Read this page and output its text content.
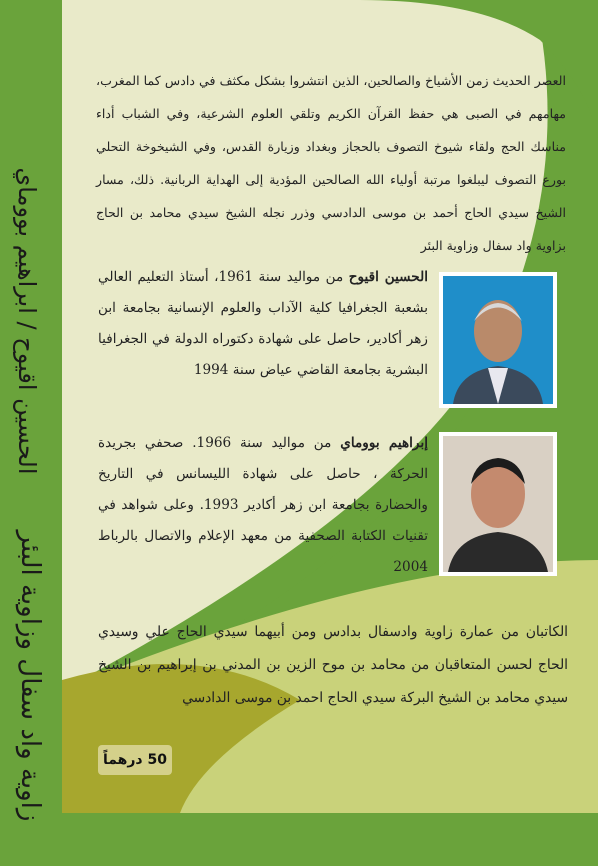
الحسين اقيوح / ابراهيم بووماي
زاوية واد سفال وزاوية البئر
العصر الحديث زمن الأشياخ والصالحين، الذين انتشروا بشكل مكثف في دادس كما المغرب، مهامهم في الصبى هي حفظ القرآن الكريم وتلقي العلوم الشرعية، وفي الشباب أداء مناسك الحج ولقاء شيوخ التصوف بالحجاز وبغداد وزيارة القدس، وفي الشيخوخة التحلي بورع التصوف ليبلغوا مرتبة أولياء الله الصالحين المؤدية إلى الهداية الربانية. ذلك، مسار الشيخ سيدي الحاج أحمد بن موسى الدادسي وذرر نجله الشيخ سيدي محامد بن الحاج بزاوية واد سفال وزاوية البئر
الحسين اقيوح من مواليد سنة 1961، أستاذ التعليم العالي بشعبة الجغرافيا كلية الآداب والعلوم الإنسانية بجامعة ابن زهر أكادير، حاصل على شهادة دكتوراه الدولة في الجغرافيا البشرية بجامعة القاضي عياض سنة 1994
إبراهيم بووماي من مواليد سنة 1966. صحفي بجريدة الحركة ، حاصل على شهادة الليسانس في التاريخ والحضارة بجامعة ابن زهر أكادير 1993. وعلى شواهد في تقنيات الكتابة الصحفية من معهد الإعلام والاتصال بالرباط 2004
الكاتبان من عمارة زاوية وادسفال بدادس ومن أبيهما سيدي الحاج علي وسيدي الحاج لحسن المتعاقبان من محامد بن موح الزين بن المدني بن إبراهيم بن الشيخ سيدي محامد بن الشيخ البركة سيدي الحاج احمد بن موسى الدادسي
50 درهماً
